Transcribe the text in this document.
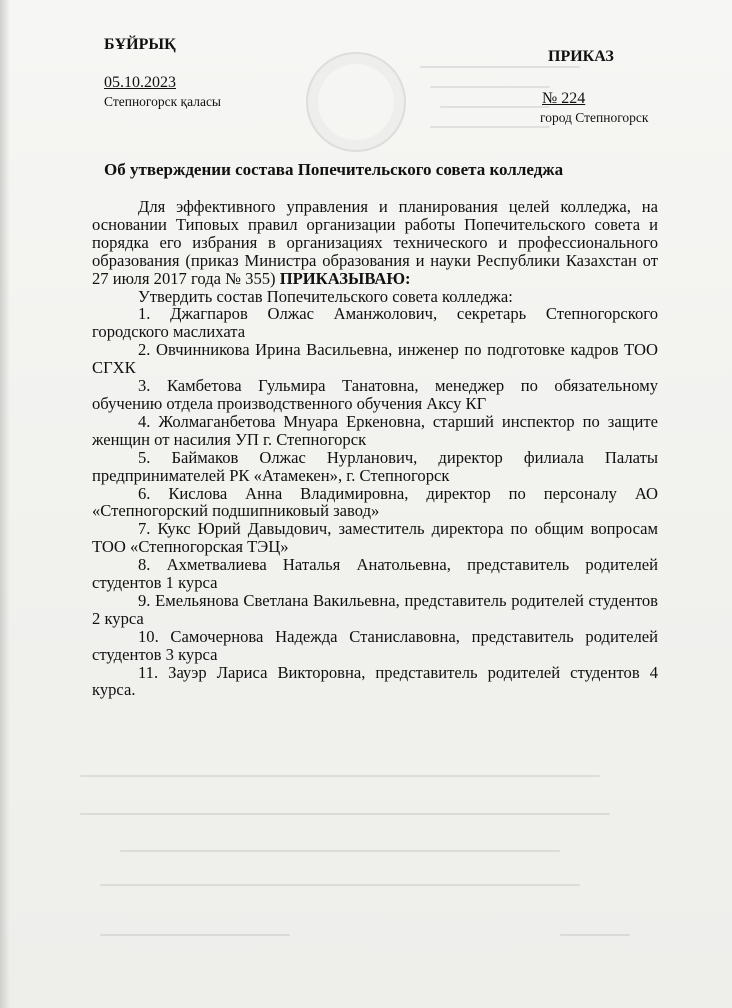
БҰЙРЫҚ
ПРИКАЗ
05.10.2023
№ 224
Степногорск қаласы
город Степногорск
Об утверждении состава Попечительского совета колледжа

Для эффективного управления и планирования целей колледжа, на основании Типовых правил организации работы Попечительского совета и порядка его избрания в организациях технического и профессионального образования (приказ Министра образования и науки Республики Казахстан от 27 июля 2017 года № 355) ПРИКАЗЫВАЮ:

Утвердить состав Попечительского совета колледжа:

1. Джагпаров Олжас Аманжолович, секретарь Степногорского городского маслихата

2. Овчинникова Ирина Васильевна, инженер по подготовке кадров ТОО СГХК

3. Камбетова Гульмира Танатовна, менеджер по обязательному обучению отдела производственного обучения Аксу КГ

4. Жолмаганбетова Мнуара Еркеновна, старший инспектор по защите женщин от насилия УП г. Степногорск

5. Баймаков Олжас Нурланович, директор филиала Палаты предпринимателей РК «Атамекен», г. Степногорск

6. Кислова Анна Владимировна, директор по персоналу АО «Степногорский подшипниковый завод»

7. Кукс Юрий Давыдович, заместитель директора по общим вопросам ТОО «Степногорская ТЭЦ»

8. Ахметвалиева Наталья Анатольевна, представитель родителей студентов 1 курса

9. Емельянова Светлана Вакильевна, представитель родителей студентов 2 курса

10. Самочернова Надежда Станиславовна, представитель родителей студентов 3 курса

11. Зауэр Лариса Викторовна, представитель родителей студентов 4 курса.
